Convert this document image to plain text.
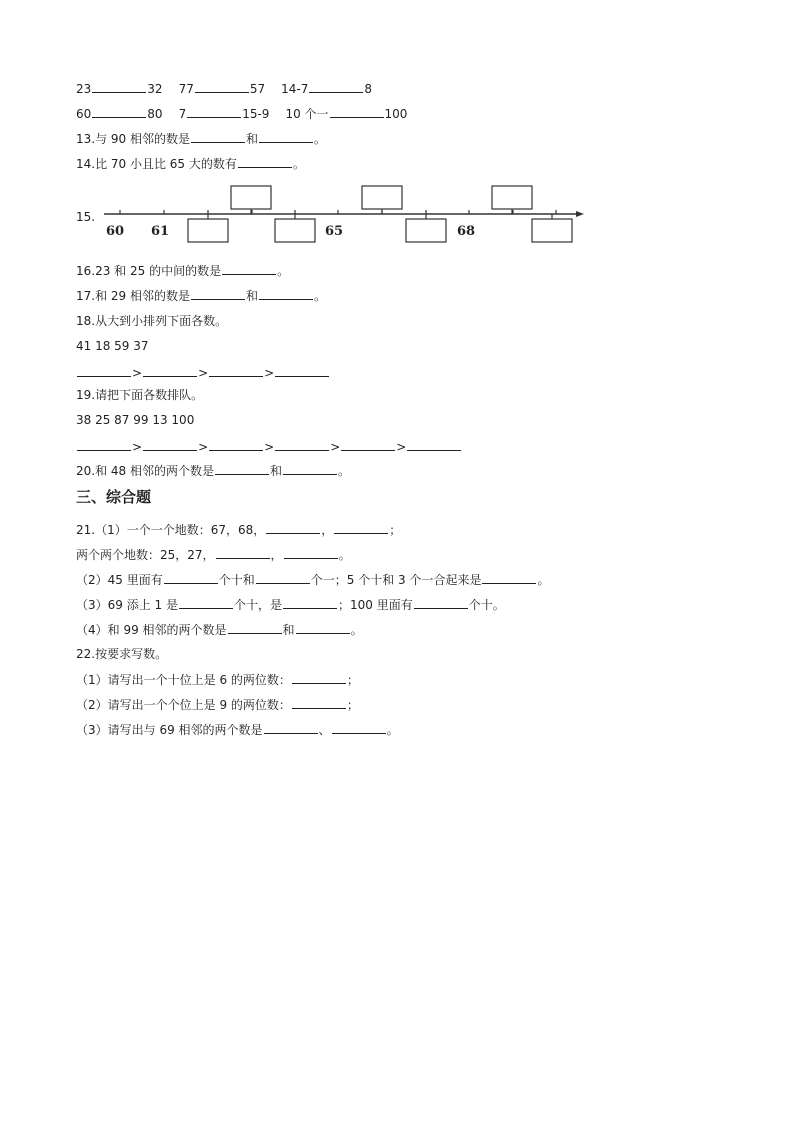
23	32 77	57 14-7	8
60	80 7	15-9 10 个一	100
13.与 90 相邻的数是	和	。
14.比 70 小且比 65 大的数有	。
15.
60 61	65	68
16.23 和 25 的中间的数是	。
17.和 29 相邻的数是	和	。
18.从大到小排列下面各数。
41 18 59 37
>	>	>
19.请把下面各数排队。
38 25 87 99 13 100
>	>	>	>	>
20.和 48 相邻的两个数是	和	。
三、综合题
21.（1）一个一个地数：67，68，	，	；
两个两个地数：25，27，	，	。
（2）45 里面有	个十和	个一；5 个十和 3 个一合起来是	。
（3）69 添上 1 是	个十，是	；100 里面有	个十。
（4）和 99 相邻的两个数是	和	。
22.按要求写数。
（1）请写出一个十位上是 6 的两位数：	；
（2）请写出一个个位上是 9 的两位数：	；
（3）请写出与 69 相邻的两个数是	、	。
